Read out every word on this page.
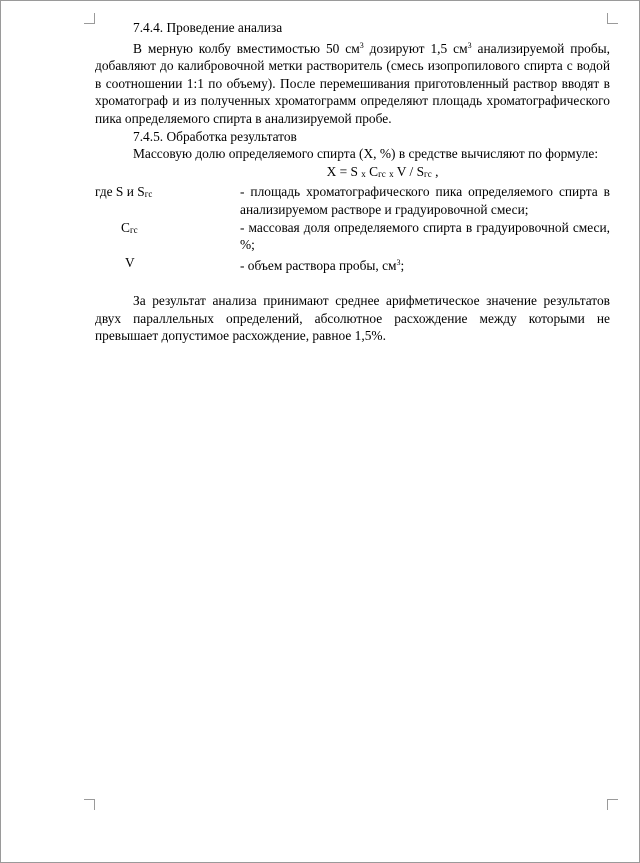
7.4.4. Проведение анализа

В мерную колбу вместимостью 50 $см^3$ дозируют 1,5 $см^3$ анализируемой пробы, добавляют до калибровочной метки растворитель (смесь изопропилового спирта с водой в соотношении 1:1 по объему). После перемешивания приготовленный раствор вводят в хроматограф и из полученных хроматограмм определяют площадь хроматографического пика определяемого спирта в анализируемой пробе.

7.4.5. Обработка результатов

Массовую долю определяемого спирта (X, %) в средстве вычисляют по формуле:

X = S x Cгс x V / Sгс ,

где S и Sгс	- площадь хроматографического пика определяемого спирта в анализируемом растворе и градуировочной смеси;
Cгс	- массовая доля определяемого спирта в градуировочной смеси, %;
V	- объем раствора пробы, $см^3$;

За результат анализа принимают среднее арифметическое значение результатов двух параллельных определений, абсолютное расхождение между которыми не превышает допустимое расхождение, равное 1,5%.
